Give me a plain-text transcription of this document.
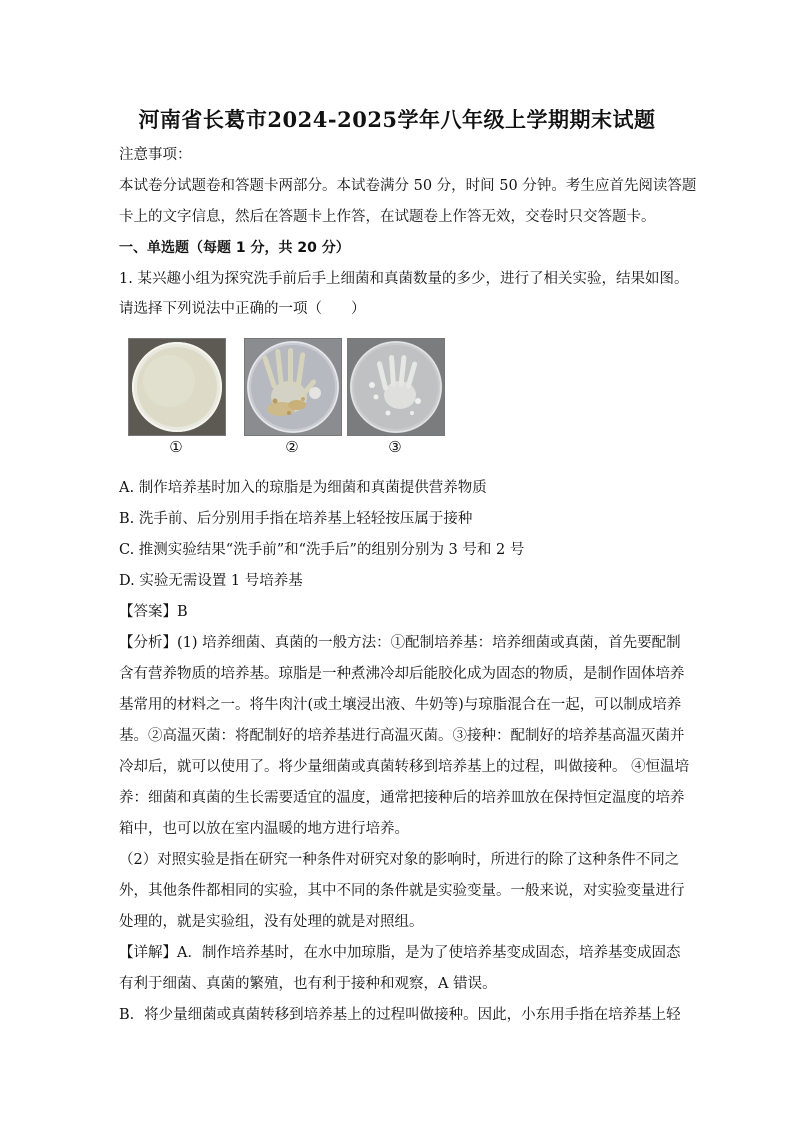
河南省长葛市2024-2025学年八年级上学期期末试题
注意事项：
本试卷分试题卷和答题卡两部分。本试卷满分 50 分，时间 50 分钟。考生应首先阅读答题
卡上的文字信息，然后在答题卡上作答，在试题卷上作答无效，交卷时只交答题卡。
一、单选题（每题 1 分，共 20 分）
1. 某兴趣小组为探究洗手前后手上细菌和真菌数量的多少，进行了相关实验，结果如图。
请选择下列说法中正确的一项（　　）
①	②	③
A. 制作培养基时加入的琼脂是为细菌和真菌提供营养物质
B. 洗手前、后分别用手指在培养基上轻轻按压属于接种
C. 推测实验结果“洗手前”和“洗手后”的组别分别为 3 号和 2 号
D. 实验无需设置 1 号培养基
【答案】B
【分析】(1) 培养细菌、真菌的一般方法：①配制培养基：培养细菌或真菌，首先要配制
含有营养物质的培养基。琼脂是一种煮沸冷却后能胶化成为固态的物质，是制作固体培养
基常用的材料之一。将牛肉汁(或土壤浸出液、牛奶等)与琼脂混合在一起，可以制成培养
基。②高温灭菌：将配制好的培养基进行高温灭菌。③接种：配制好的培养基高温灭菌并
冷却后，就可以使用了。将少量细菌或真菌转移到培养基上的过程，叫做接种。 ④恒温培
养：细菌和真菌的生长需要适宜的温度，通常把接种后的培养皿放在保持恒定温度的培养
箱中，也可以放在室内温暖的地方进行培养。
（2）对照实验是指在研究一种条件对研究对象的影响时，所进行的除了这种条件不同之
外，其他条件都相同的实验，其中不同的条件就是实验变量。一般来说，对实验变量进行
处理的，就是实验组，没有处理的就是对照组。
【详解】A．制作培养基时，在水中加琼脂，是为了使培养基变成固态，培养基变成固态
有利于细菌、真菌的繁殖，也有利于接种和观察，A 错误。
B．将少量细菌或真菌转移到培养基上的过程叫做接种。因此，小东用手指在培养基上轻
